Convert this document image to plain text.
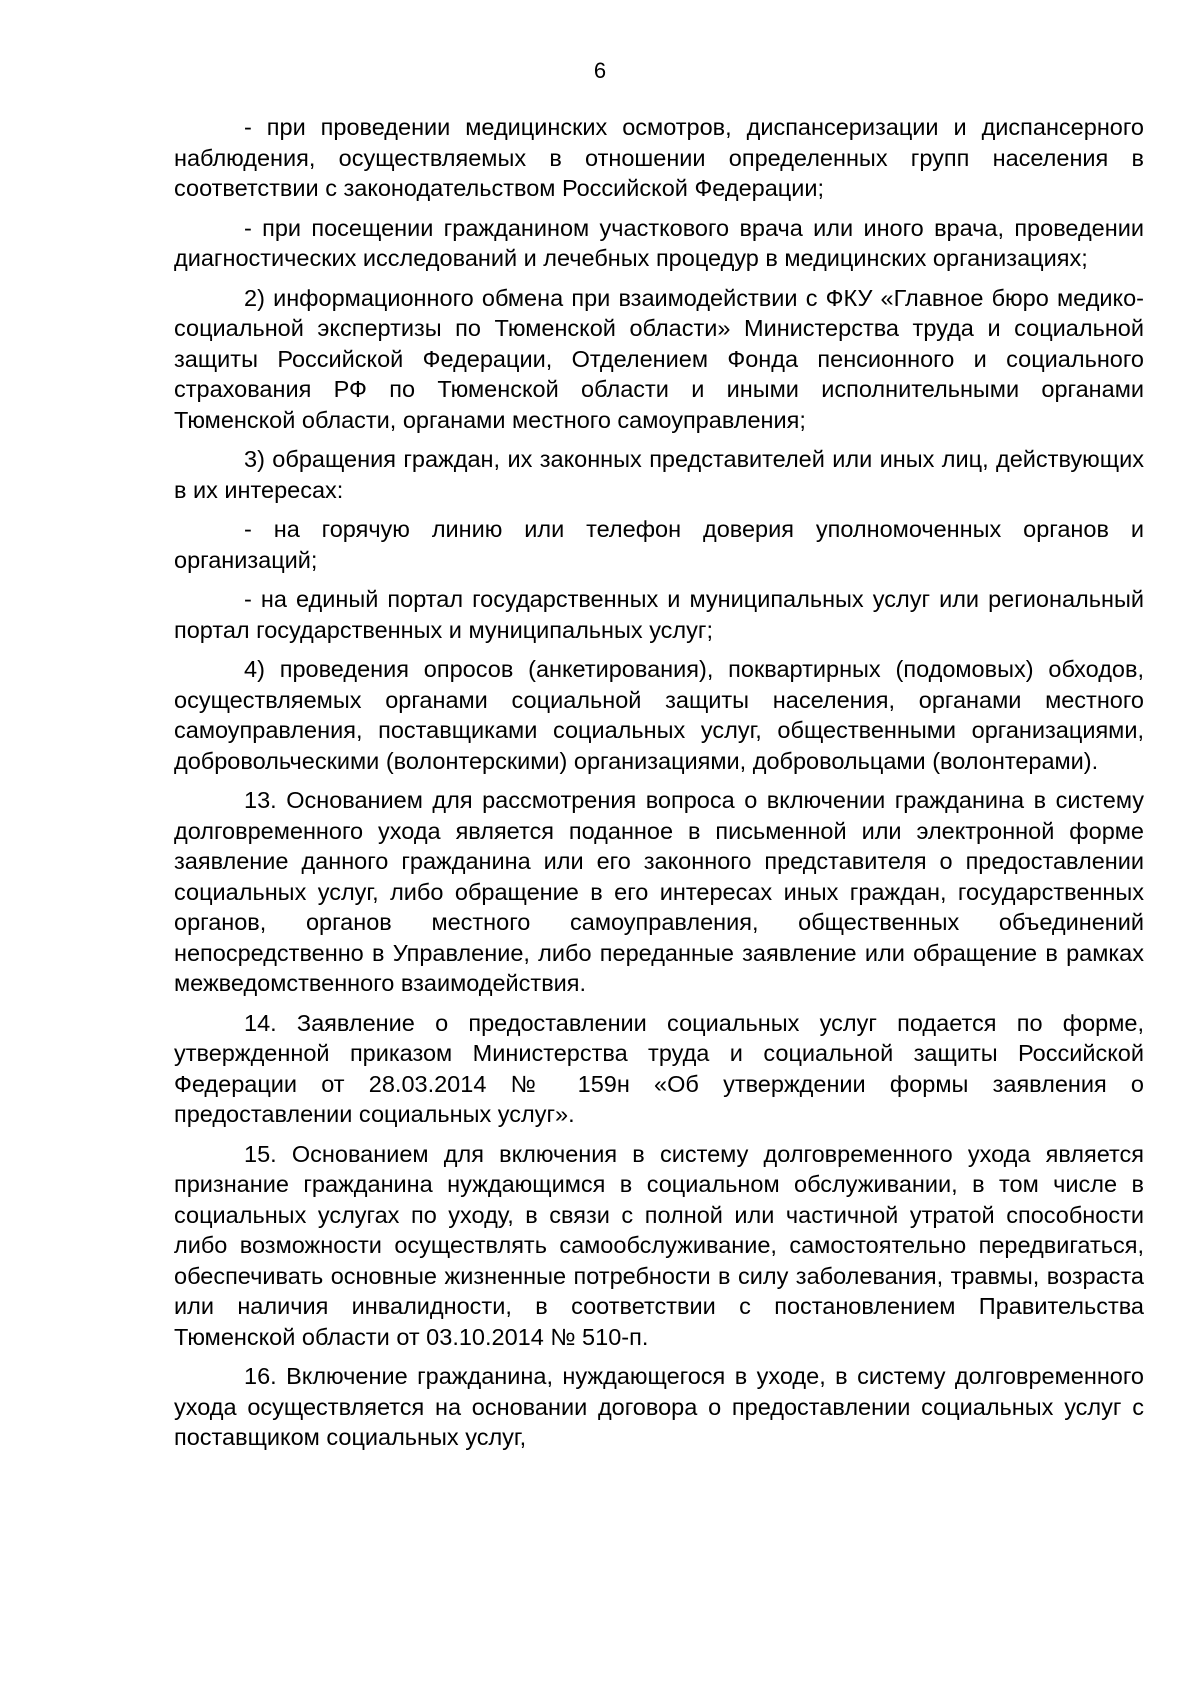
6

- при проведении медицинских осмотров, диспансеризации и диспансерного наблюдения, осуществляемых в отношении определенных групп населения в соответствии с законодательством Российской Федерации;

- при посещении гражданином участкового врача или иного врача, проведении диагностических исследований и лечебных процедур в медицинских организациях;

2) информационного обмена при взаимодействии с ФКУ «Главное бюро медико-социальной экспертизы по Тюменской области» Министерства труда и социальной защиты Российской Федерации, Отделением Фонда пенсионного и социального страхования РФ по Тюменской области и иными исполнительными органами Тюменской области, органами местного самоуправления;

3) обращения граждан, их законных представителей или иных лиц, действующих в их интересах:

- на горячую линию или телефон доверия уполномоченных органов и организаций;

- на единый портал государственных и муниципальных услуг или региональный портал государственных и муниципальных услуг;

4) проведения опросов (анкетирования), поквартирных (подомовых) обходов, осуществляемых органами социальной защиты населения, органами местного самоуправления, поставщиками социальных услуг, общественными организациями, добровольческими (волонтерскими) организациями, добровольцами (волонтерами).

13. Основанием для рассмотрения вопроса о включении гражданина в систему долговременного ухода является поданное в письменной или электронной форме заявление данного гражданина или его законного представителя о предоставлении социальных услуг, либо обращение в его интересах иных граждан, государственных органов, органов местного самоуправления, общественных объединений непосредственно в Управление, либо переданные заявление или обращение в рамках межведомственного взаимодействия.

14. Заявление о предоставлении социальных услуг подается по форме, утвержденной приказом Министерства труда и социальной защиты Российской Федерации от 28.03.2014 № 159н «Об утверждении формы заявления о предоставлении социальных услуг».

15. Основанием для включения в систему долговременного ухода является признание гражданина нуждающимся в социальном обслуживании, в том числе в социальных услугах по уходу, в связи с полной или частичной утратой способности либо возможности осуществлять самообслуживание, самостоятельно передвигаться, обеспечивать основные жизненные потребности в силу заболевания, травмы, возраста или наличия инвалидности, в соответствии с постановлением Правительства Тюменской области от 03.10.2014 № 510-п.

16. Включение гражданина, нуждающегося в уходе, в систему долговременного ухода осуществляется на основании договора о предоставлении социальных услуг с поставщиком социальных услуг,
